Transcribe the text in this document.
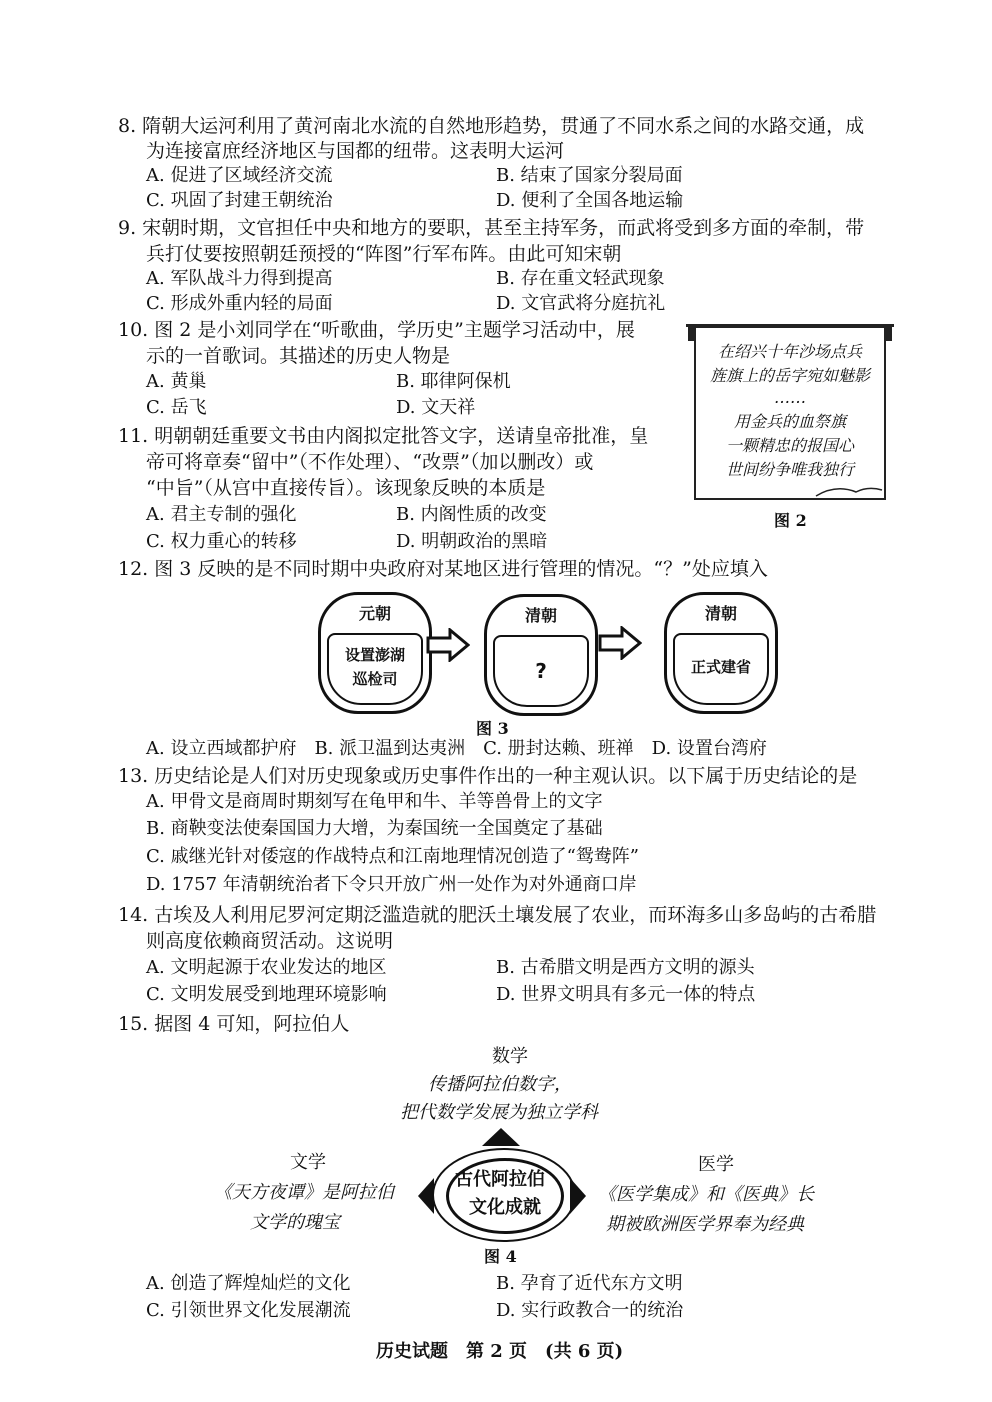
8. 隋朝大运河利用了黄河南北水流的自然地形趋势，贯通了不同水系之间的水路交通，成
为连接富庶经济地区与国都的纽带。这表明大运河
A. 促进了区域经济交流	B. 结束了国家分裂局面
C. 巩固了封建王朝统治	D. 便利了全国各地运输
9. 宋朝时期，文官担任中央和地方的要职，甚至主持军务，而武将受到多方面的牵制，带
兵打仗要按照朝廷预授的“阵图”行军布阵。由此可知宋朝
A. 军队战斗力得到提高	B. 存在重文轻武现象
C. 形成外重内轻的局面	D. 文官武将分庭抗礼
10. 图 2 是小刘同学在“听歌曲，学历史”主题学习活动中，展
示的一首歌词。其描述的历史人物是
A. 黄巢	B. 耶律阿保机
C. 岳飞	D. 文天祥
在绍兴十年沙场点兵
旌旗上的岳字宛如魅影
……
用金兵的血祭旗
一颗精忠的报国心
世间纷争唯我独行
图 2
11. 明朝朝廷重要文书由内阁拟定批答文字，送请皇帝批准，皇
帝可将章奏“留中”（不作处理）、“改票”（加以删改）或
“中旨”（从宫中直接传旨）。该现象反映的本质是
A. 君主专制的强化	B. 内阁性质的改变
C. 权力重心的转移	D. 明朝政治的黑暗
12. 图 3 反映的是不同时期中央政府对某地区进行管理的情况。“？”处应填入
元朝
设置澎湖
巡检司
清朝
?
清朝
正式建省
图 3
A. 设立西域都护府　B. 派卫温到达夷洲　C. 册封达赖、班禅　D. 设置台湾府
13. 历史结论是人们对历史现象或历史事件作出的一种主观认识。以下属于历史结论的是
A. 甲骨文是商周时期刻写在龟甲和牛、羊等兽骨上的文字
B. 商鞅变法使秦国国力大增，为秦国统一全国奠定了基础
C. 戚继光针对倭寇的作战特点和江南地理情况创造了“鸳鸯阵”
D. 1757 年清朝统治者下令只开放广州一处作为对外通商口岸
14. 古埃及人利用尼罗河定期泛滥造就的肥沃土壤发展了农业，而环海多山多岛屿的古希腊
则高度依赖商贸活动。这说明
A. 文明起源于农业发达的地区	B. 古希腊文明是西方文明的源头
C. 文明发展受到地理环境影响	D. 世界文明具有多元一体的特点
15. 据图 4 可知，阿拉伯人
数学
传播阿拉伯数字，
把代数学发展为独立学科
文学
《天方夜谭》是阿拉伯
文学的瑰宝
古代阿拉伯
文化成就
医学
《医学集成》和《医典》长
期被欧洲医学界奉为经典
图 4
A. 创造了辉煌灿烂的文化	B. 孕育了近代东方文明
C. 引领世界文化发展潮流	D. 实行政教合一的统治
历史试题　第 2 页　(共 6 页)
